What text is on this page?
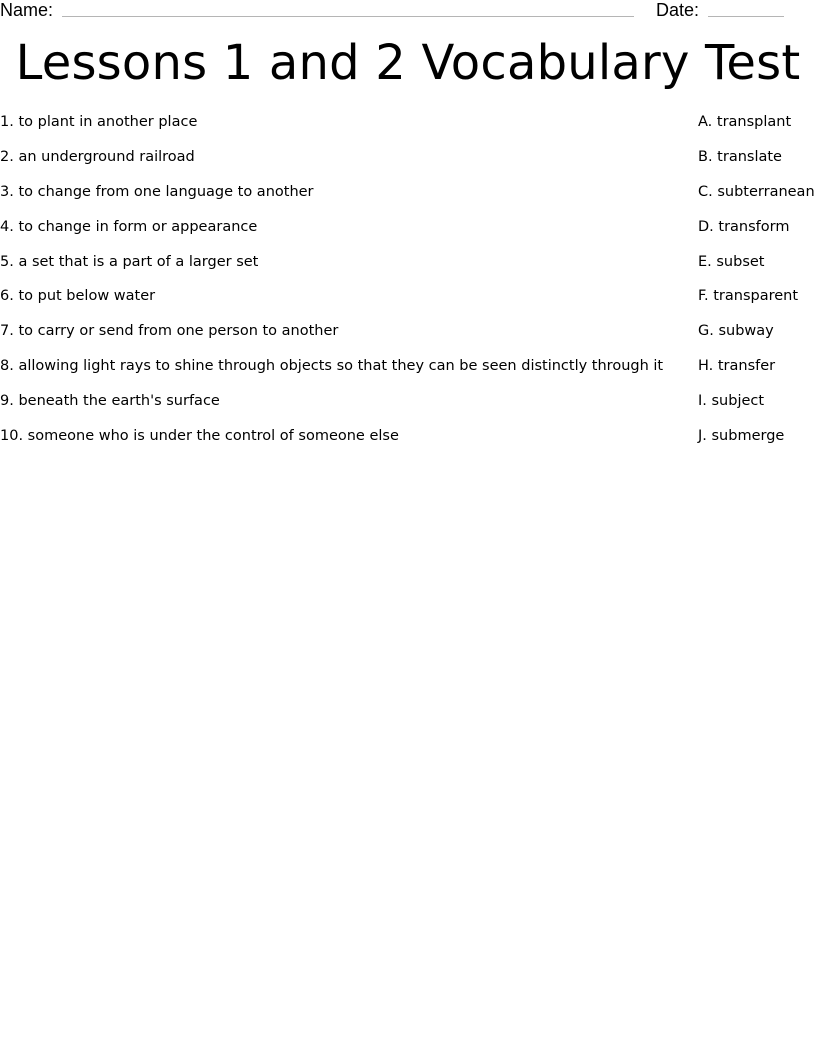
Name:	Date:
Lessons 1 and 2 Vocabulary Test
1. to plant in another place
2. an underground railroad
3. to change from one language to another
4. to change in form or appearance
5. a set that is a part of a larger set
6. to put below water
7. to carry or send from one person to another
8. allowing light rays to shine through objects so that they can be seen distinctly through it
9. beneath the earth's surface
10. someone who is under the control of someone else
A. transplant
B. translate
C. subterranean
D. transform
E. subset
F. transparent
G. subway
H. transfer
I. subject
J. submerge
